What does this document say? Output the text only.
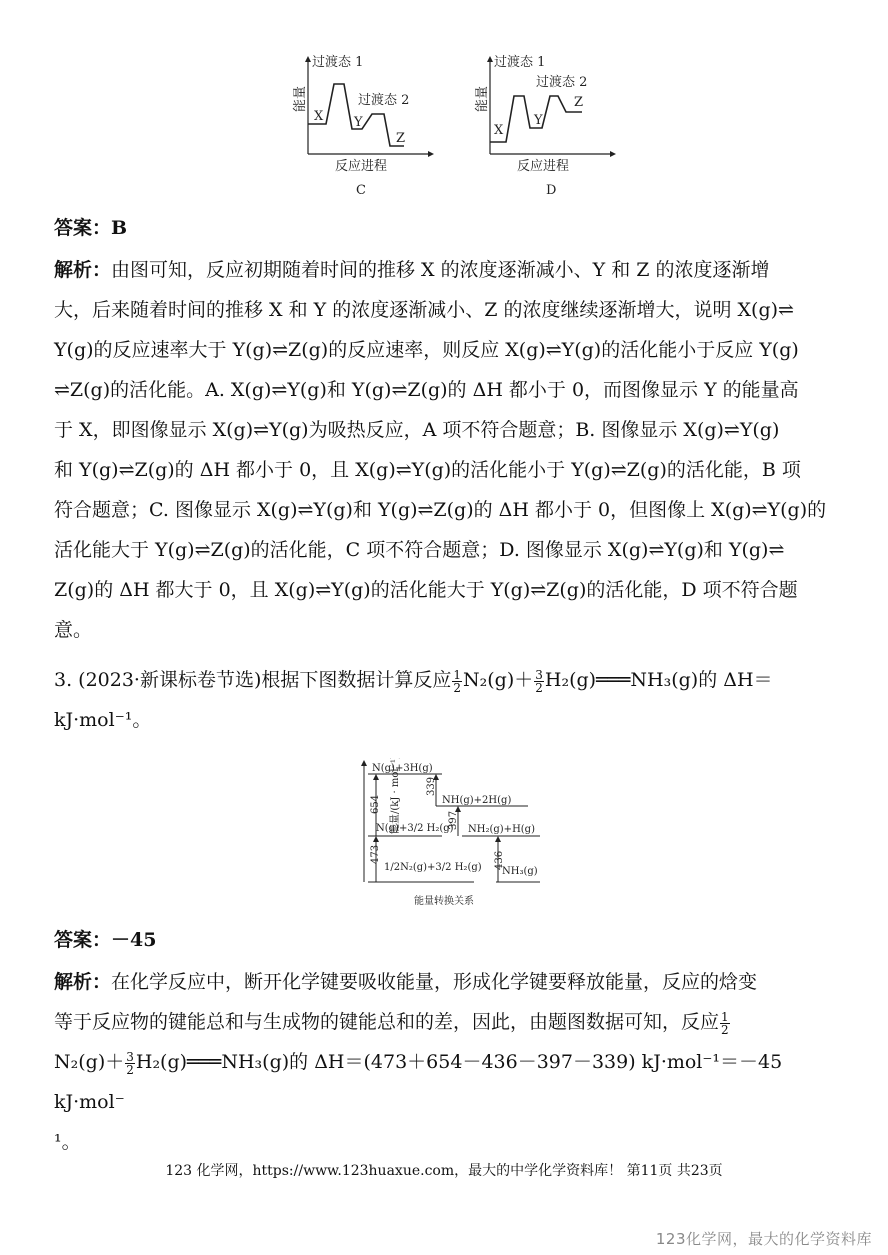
能量
过渡态 1
过渡态 2
X Y
Z
反应进程
C
能量
过渡态 1
过渡态 2
X
Y
Z
反应进程
D
答案：B

解析：由图可知，反应初期随着时间的推移 X 的浓度逐渐减小、Y 和 Z 的浓度逐渐增

大，后来随着时间的推移 X 和 Y 的浓度逐渐减小、Z 的浓度继续逐渐增大，说明 X(g)⇌

Y(g)的反应速率大于 Y(g)⇌Z(g)的反应速率，则反应 X(g)⇌Y(g)的活化能小于反应 Y(g)

⇌Z(g)的活化能。A. X(g)⇌Y(g)和 Y(g)⇌Z(g)的 ΔH 都小于 0，而图像显示 Y 的能量高

于 X，即图像显示 X(g)⇌Y(g)为吸热反应，A 项不符合题意；B. 图像显示 X(g)⇌Y(g)

和 Y(g)⇌Z(g)的 ΔH 都小于 0，且 X(g)⇌Y(g)的活化能小于 Y(g)⇌Z(g)的活化能，B 项

符合题意；C. 图像显示 X(g)⇌Y(g)和 Y(g)⇌Z(g)的 ΔH 都小于 0，但图像上 X(g)⇌Y(g)的

活化能大于 Y(g)⇌Z(g)的活化能，C 项不符合题意；D. 图像显示 X(g)⇌Y(g)和 Y(g)⇌

Z(g)的 ΔH 都大于 0，且 X(g)⇌Y(g)的活化能大于 Y(g)⇌Z(g)的活化能，D 项不符合题

意。

3. (2023·新课标卷节选)根据下图数据计算反应 $\frac{1}{2} N_2(g)+ \frac{3}{2}$ H₂(g)═══NH₃(g)的 ΔH＝

kJ·mol⁻¹。

能量/(kJ · mol⁻¹)
N(g)+3H(g)
NH(g)+2H(g)
N(g)+3/2 H₂(g) NH₂(g)+H(g)
1/2N₂(g)+3/2 H₂(g) NH₃(g)
654
339
397
473	436
能量转换关系
答案：－45

解析：在化学反应中，断开化学键要吸收能量，形成化学键要释放能量，反应的焓变

等于反应物的键能总和与生成物的键能总和的差，因此，由题图数据可知，反应 $\frac{1}{2}$

$N_2(g)+ \frac{3}{2}$ H₂(g)═══NH₃(g)的 ΔH＝(473＋654－436－397－339) kJ·mol⁻¹＝－45 kJ·mol⁻

¹。

123 化学网，https://www.123huaxue.com，最大的中学化学资料库！ 第11页 共23页
123化学网，最大的化学资料库
